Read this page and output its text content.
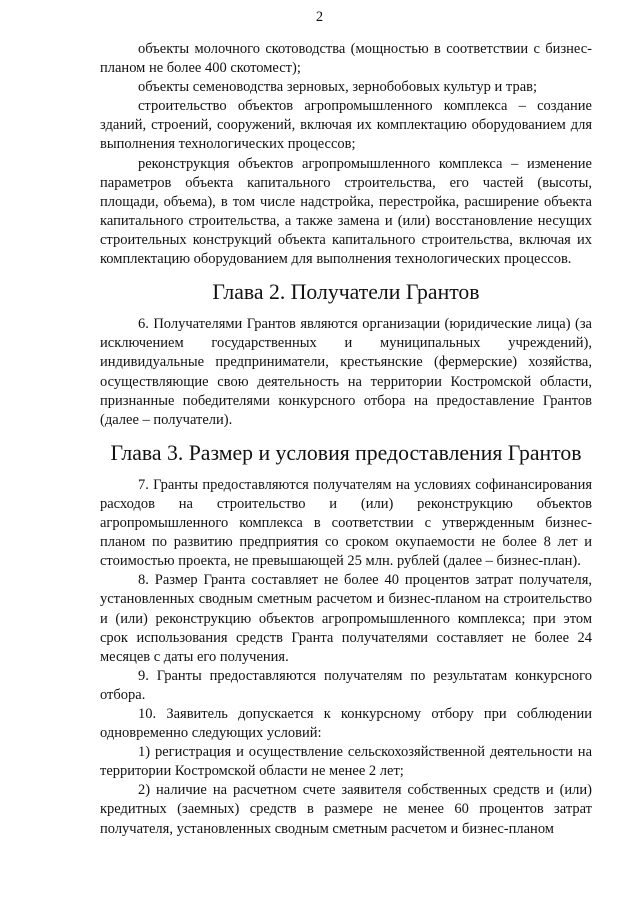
2

объекты молочного скотоводства (мощностью в соответствии с бизнес-планом не более 400 скотомест);

объекты семеноводства зерновых, зернобобовых культур и трав;

строительство объектов агропромышленного комплекса – создание зданий, строений, сооружений, включая их комплектацию оборудованием для выполнения технологических процессов;

реконструкция объектов агропромышленного комплекса – изменение параметров объекта капитального строительства, его частей (высоты, площади, объема), в том числе надстройка, перестройка, расширение объекта капитального строительства, а также замена и (или) восстановление несущих строительных конструкций объекта капитального строительства, включая их комплектацию оборудованием для выполнения технологических процессов.

Глава 2. Получатели Грантов

6. Получателями Грантов являются организации (юридические лица) (за исключением государственных и муниципальных учреждений), индивидуальные предприниматели, крестьянские (фермерские) хозяйства, осуществляющие свою деятельность на территории Костромской области, признанные победителями конкурсного отбора на предоставление Грантов (далее – получатели).

Глава 3. Размер и условия предоставления Грантов

7. Гранты предоставляются получателям на условиях софинансирования расходов на строительство и (или) реконструкцию объектов агропромышленного комплекса в соответствии с утвержденным бизнес-планом по развитию предприятия со сроком окупаемости не более 8 лет и стоимостью проекта, не превышающей 25 млн. рублей (далее – бизнес-план).

8. Размер Гранта составляет не более 40 процентов затрат получателя, установленных сводным сметным расчетом и бизнес-планом на строительство и (или) реконструкцию объектов агропромышленного комплекса; при этом срок использования средств Гранта получателями составляет не более 24 месяцев с даты его получения.

9. Гранты предоставляются получателям по результатам конкурсного отбора.

10. Заявитель допускается к конкурсному отбору при соблюдении одновременно следующих условий:

1) регистрация и осуществление сельскохозяйственной деятельности на территории Костромской области не менее 2 лет;

2) наличие на расчетном счете заявителя собственных средств и (или) кредитных (заемных) средств в размере не менее 60 процентов затрат получателя, установленных сводным сметным расчетом и бизнес-планом
